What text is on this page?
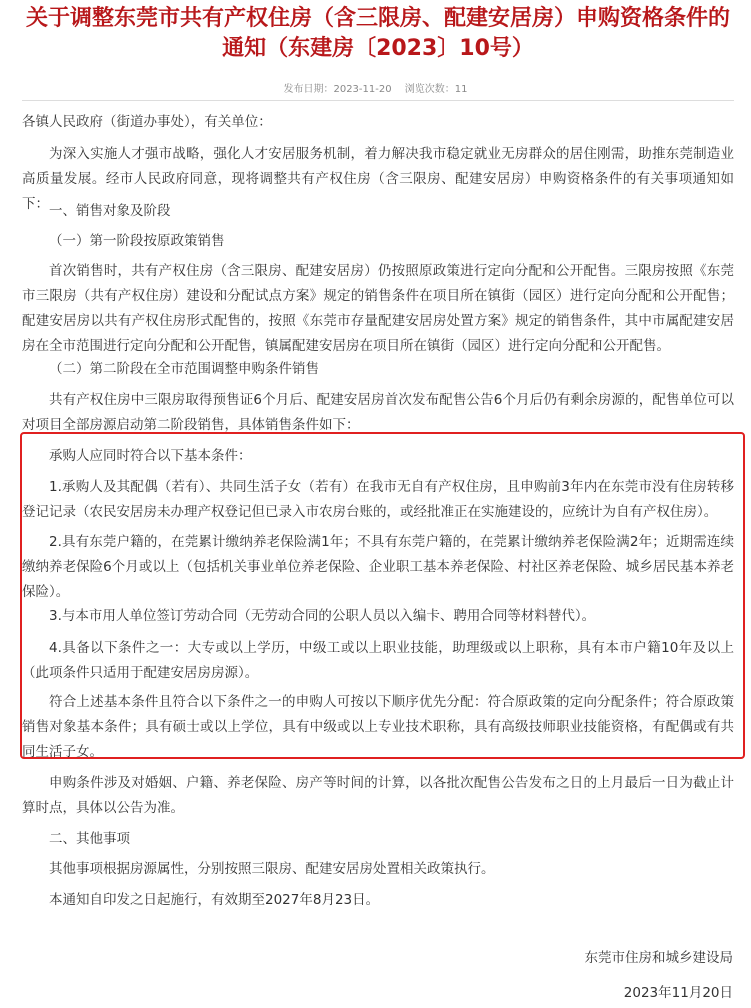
关于调整东莞市共有产权住房（含三限房、配建安居房）申购资格条件的通知（东建房〔2023〕10号）
发布日期：2023-11-20 浏览次数：11

各镇人民政府（街道办事处），有关单位：

为深入实施人才强市战略，强化人才安居服务机制，着力解决我市稳定就业无房群众的居住刚需，助推东莞制造业高质量发展。经市人民政府同意，现将调整共有产权住房（含三限房、配建安居房）申购资格条件的有关事项通知如下： 一、销售对象及阶段

（一）第一阶段按原政策销售

首次销售时，共有产权住房（含三限房、配建安居房）仍按照原政策进行定向分配和公开配售。三限房按照《东莞市三限房（共有产权住房）建设和分配试点方案》规定的销售条件在项目所在镇街（园区）进行定向分配和公开配售；配建安居房以共有产权住房形式配售的，按照《东莞市存量配建安居房处置方案》规定的销售条件，其中市属配建安居房在全市范围进行定向分配和公开配售，镇属配建安居房在项目所在镇街（园区）进行定向分配和公开配售。

（二）第二阶段在全市范围调整申购条件销售

共有产权住房中三限房取得预售证6个月后、配建安居房首次发布配售公告6个月后仍有剩余房源的，配售单位可以对项目全部房源启动第二阶段销售，具体销售条件如下：

承购人应同时符合以下基本条件：

1.承购人及其配偶（若有）、共同生活子女（若有）在我市无自有产权住房，且申购前3年内在东莞市没有住房转移登记记录（农民安居房未办理产权登记但已录入市农房台账的，或经批准正在实施建设的，应统计为自有产权住房）。

2.具有东莞户籍的，在莞累计缴纳养老保险满1年；不具有东莞户籍的，在莞累计缴纳养老保险满2年；近期需连续缴纳养老保险6个月或以上（包括机关事业单位养老保险、企业职工基本养老保险、村社区养老保险、城乡居民基本养老保险）。

3.与本市用人单位签订劳动合同（无劳动合同的公职人员以入编卡、聘用合同等材料替代）。

4.具备以下条件之一：大专或以上学历，中级工或以上职业技能，助理级或以上职称，具有本市户籍10年及以上（此项条件只适用于配建安居房房源）。

符合上述基本条件且符合以下条件之一的申购人可按以下顺序优先分配：符合原政策的定向分配条件；符合原政策销售对象基本条件；具有硕士或以上学位，具有中级或以上专业技术职称，具有高级技师职业技能资格，有配偶或有共同生活子女。

申购条件涉及对婚姻、户籍、养老保险、房产等时间的计算，以各批次配售公告发布之日的上月最后一日为截止计算时点，具体以公告为准。

二、其他事项

其他事项根据房源属性，分别按照三限房、配建安居房处置相关政策执行。

本通知自印发之日起施行，有效期至2027年8月23日。

东莞市住房和城乡建设局
2023年11月20日
